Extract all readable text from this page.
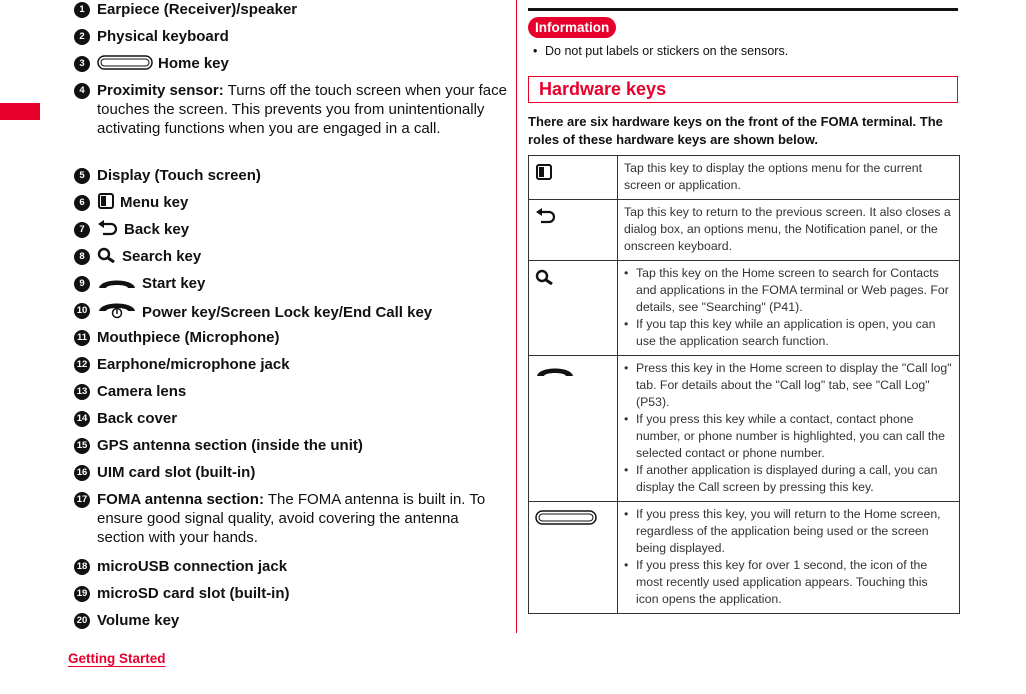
1 Earpiece (Receiver)/speaker
2 Physical keyboard
3	Home key
4 Proximity sensor: Turns off the touch screen when your face touches the screen. This prevents you from unintentionally activating functions when you are engaged in a call.
5 Display (Touch screen)
6	Menu key
7	Back key
8	Search key
9	Start key
10	Power key/Screen Lock key/End Call key
11 Mouthpiece (Microphone)
12 Earphone/microphone jack
13 Camera lens
14 Back cover
15 GPS antenna section (inside the unit)
16 UIM card slot (built-in)
17 FOMA antenna section: The FOMA antenna is built in. To ensure good signal quality, avoid covering the antenna section with your hands.
18 microUSB connection jack
19 microSD card slot (built-in)
20 Volume key
Getting Started
Information
• Do not put labels or stickers on the sensors.
Hardware keys
There are six hardware keys on the front of the FOMA terminal. The roles of these hardware keys are shown below.

Tap this key to display the options menu for the current screen or application.

Tap this key to return to the previous screen. It also closes a dialog box, an options menu, the Notification panel, or the onscreen keyboard.

• Tap this key on the Home screen to search for Contacts and applications in the FOMA terminal or Web pages. For details, see "Searching" (P41).
• If you tap this key while an application is open, you can use the application search function.

• Press this key in the Home screen to display the "Call log" tab. For details about the "Call log" tab, see "Call Log" (P53).
• If you press this key while a contact, contact phone number, or phone number is highlighted, you can call the selected contact or phone number.
• If another application is displayed during a call, you can display the Call screen by pressing this key.

• If you press this key, you will return to the Home screen, regardless of the application being used or the screen being displayed.
• If you press this key for over 1 second, the icon of the most recently used application appears. Touching this icon opens the application.
